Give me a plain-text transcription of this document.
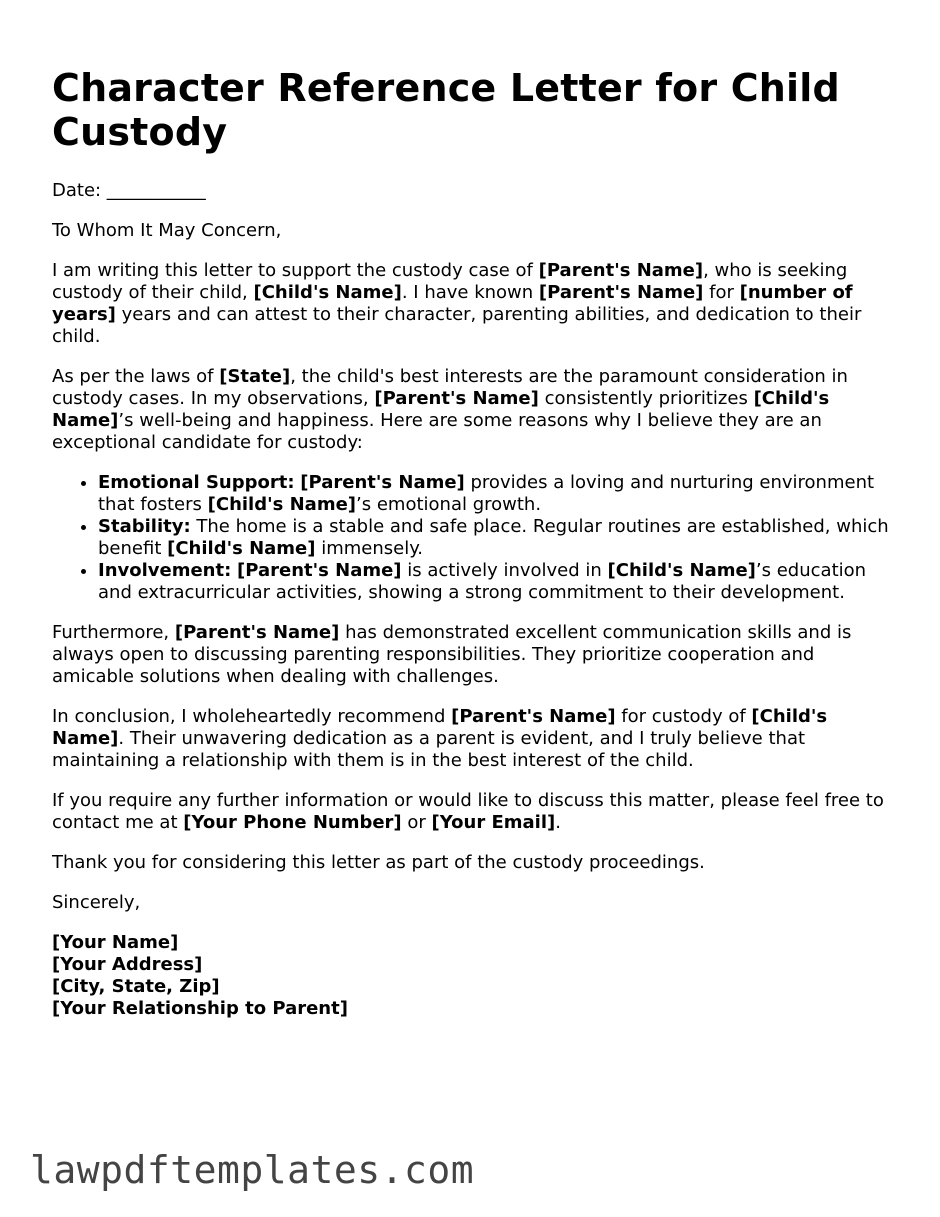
Character Reference Letter for Child Custody

Date: ___________

To Whom It May Concern,

I am writing this letter to support the custody case of [Parent's Name], who is seeking custody of their child, [Child's Name]. I have known [Parent's Name] for [number of years] years and can attest to their character, parenting abilities, and dedication to their child.

As per the laws of [State], the child's best interests are the paramount consideration in custody cases. In my observations, [Parent's Name] consistently prioritizes [Child's Name]’s well-being and happiness. Here are some reasons why I believe they are an exceptional candidate for custody:

• Emotional Support: [Parent's Name] provides a loving and nurturing environment that fosters [Child's Name]’s emotional growth.
• Stability: The home is a stable and safe place. Regular routines are established, which benefit [Child's Name] immensely.
• Involvement: [Parent's Name] is actively involved in [Child's Name]’s education and extracurricular activities, showing a strong commitment to their development.

Furthermore, [Parent's Name] has demonstrated excellent communication skills and is always open to discussing parenting responsibilities. They prioritize cooperation and amicable solutions when dealing with challenges.

In conclusion, I wholeheartedly recommend [Parent's Name] for custody of [Child's Name]. Their unwavering dedication as a parent is evident, and I truly believe that maintaining a relationship with them is in the best interest of the child.

If you require any further information or would like to discuss this matter, please feel free to contact me at [Your Phone Number] or [Your Email].

Thank you for considering this letter as part of the custody proceedings.

Sincerely,

[Your Name]
[Your Address]
[City, State, Zip]
[Your Relationship to Parent]
lawpdftemplates.com
